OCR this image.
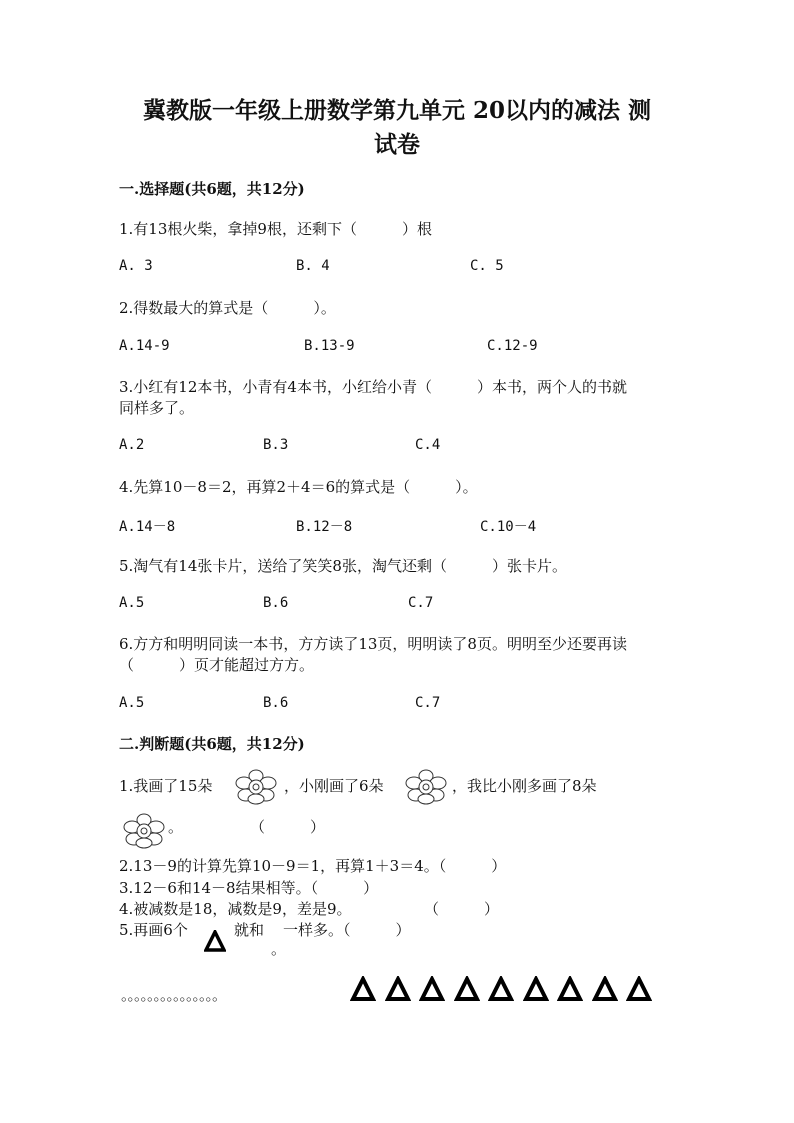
冀教版一年级上册数学第九单元 20以内的减法 测
试卷
一.选择题(共6题，共12分)
1.有13根火柴，拿掉9根，还剩下（　　　）根
A. 3	B. 4	C. 5
2.得数最大的算式是（　　　）。
A.14-9	B.13-9	C.12-9
3.小红有12本书，小青有4本书，小红给小青（　　　）本书，两个人的书就
同样多了。
A.2	B.3	C.4
4.先算10－8＝2，再算2＋4＝6的算式是（　　　）。
A.14－8	B.12－8	C.10－4
5.淘气有14张卡片，送给了笑笑8张，淘气还剩（　　　）张卡片。
A.5	B.6	C.7
6.方方和明明同读一本书，方方读了13页，明明读了8页。明明至少还要再读
（　　　）页才能超过方方。
A.5	B.6	C.7
二.判断题(共6题，共12分)
1.我画了15朵	，小刚画了6朵	，我比小刚多画了8朵
。	（　　　）
2.13－9的计算先算10－9＝1，再算1＋3＝4。（　　　）
3.12－6和14－8结果相等。（　　　）
4.被减数是18，减数是9，差是9。	（　　　）
5.再画6个	就和
。
一样多。（　　　）
。。。。。。。。。。。。。。。
